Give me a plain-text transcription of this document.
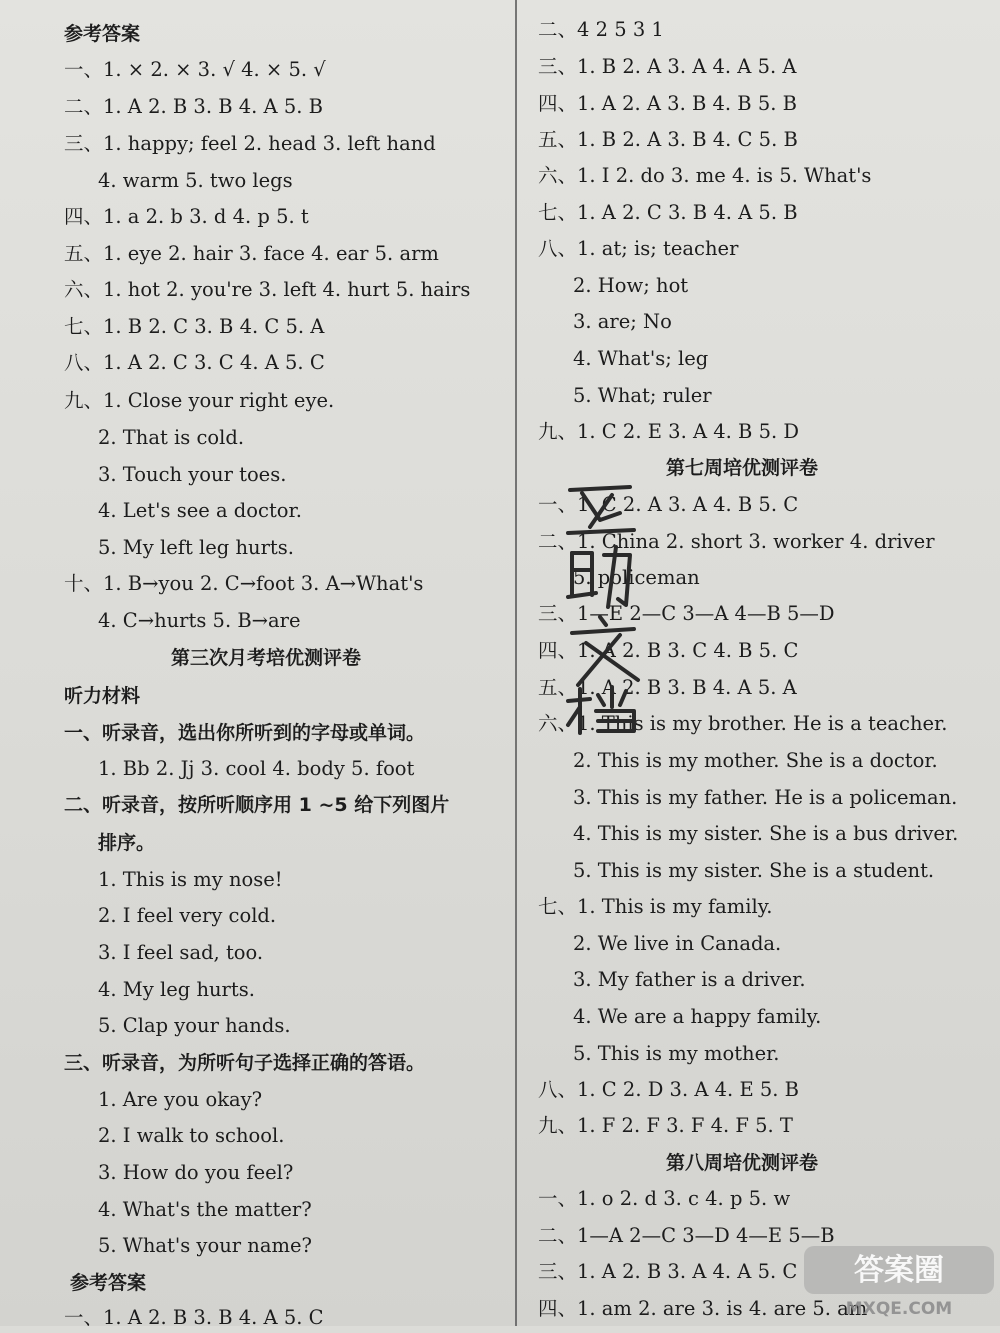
参考答案
一、1. × 2. × 3. √ 4. × 5. √
二、1. A 2. B 3. B 4. A 5. B
三、1. happy; feel 2. head 3. left hand
4. warm 5. two legs
四、1. a 2. b 3. d 4. p 5. t
五、1. eye 2. hair 3. face 4. ear 5. arm
六、1. hot 2. you're 3. left 4. hurt 5. hairs
七、1. B 2. C 3. B 4. C 5. A
八、1. A 2. C 3. C 4. A 5. C
九、1. Close your right eye.
2. That is cold.
3. Touch your toes.
4. Let's see a doctor.
5. My left leg hurts.
十、1. B→you 2. C→foot 3. A→What's
4. C→hurts 5. B→are
第三次月考培优测评卷
听力材料
一、听录音，选出你所听到的字母或单词。
1. Bb 2. Jj 3. cool 4. body 5. foot
二、听录音，按所听顺序用 1 ~5 给下列图片
排序。
1. This is my nose!
2. I feel very cold.
3. I feel sad, too.
4. My leg hurts.
5. Clap your hands.
三、听录音，为所听句子选择正确的答语。
1. Are you okay?
2. I walk to school.
3. How do you feel?
4. What's the matter?
5. What's your name?
参考答案
一、1. A 2. B 3. B 4. A 5. C
二、4 2 5 3 1
三、1. B 2. A 3. A 4. A 5. A
四、1. A 2. A 3. B 4. B 5. B
五、1. B 2. A 3. B 4. C 5. B
六、1. I 2. do 3. me 4. is 5. What's
七、1. A 2. C 3. B 4. A 5. B
八、1. at; is; teacher
2. How; hot
3. are; No
4. What's; leg
5. What; ruler
九、1. C 2. E 3. A 4. B 5. D
第七周培优测评卷
一、1. C 2. A 3. A 4. B 5. C
二、1. China 2. short 3. worker 4. driver
5. policeman
三、1—E 2—C 3—A 4—B 5—D
四、1. A 2. B 3. C 4. B 5. C
五、1. A 2. B 3. B 4. A 5. A
六、1. This is my brother. He is a teacher.
2. This is my mother. She is a doctor.
3. This is my father. He is a policeman.
4. This is my sister. She is a bus driver.
5. This is my sister. She is a student.
七、1. This is my family.
2. We live in Canada.
3. My father is a driver.
4. We are a happy family.
5. This is my mother.
八、1. C 2. D 3. A 4. E 5. B
九、1. F 2. F 3. F 4. F 5. T
第八周培优测评卷
一、1. o 2. d 3. c 4. p 5. w
二、1—A 2—C 3—D 4—E 5—B
三、1. A 2. B 3. A 4. A 5. C
四、1. am 2. are 3. is 4. are 5. am
答案圈
MXQE.COM
